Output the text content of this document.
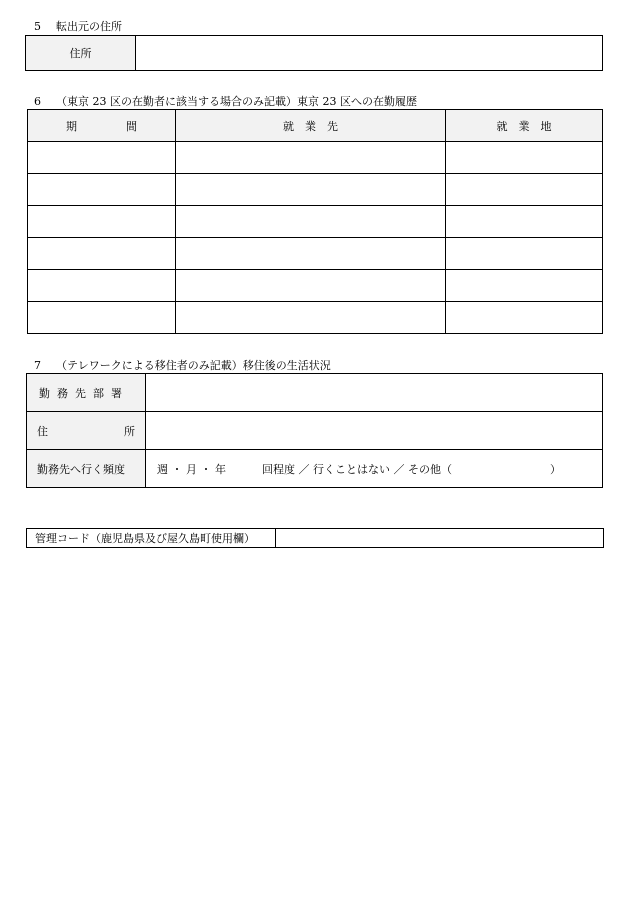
5 転出元の住所
住所	
6 （東京 23 区の在勤者に該当する場合のみ記載）東京 23 区への在勤履歴
期 間	就　業　先	就　業　地

7 （テレワークによる移住者のみ記載）移住後の生活状況
勤務先部署	

住 所	

勤務先へ行く頻度	週 ・ 月 ・ 年 回程度 ／ 行くことはない ／ その他（ ）
管理コード（鹿児島県及び屋久島町使用欄）	
